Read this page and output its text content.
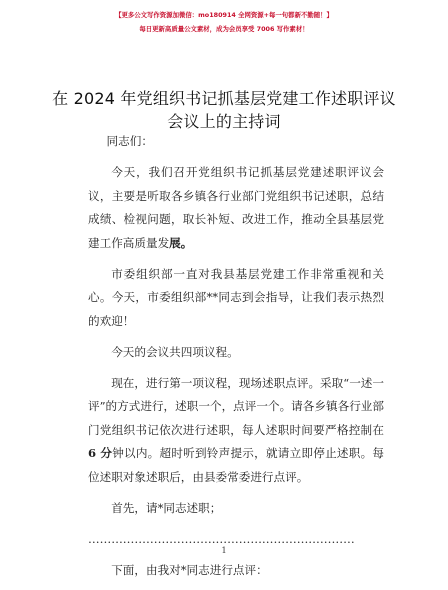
【更多公文写作资源加微信：mo180914 全网资源+每一句都新不勤随！】
每日更新高质量公文素材，成为会员享受 7006 写作素材！
在 2024 年党组织书记抓基层党建工作述职评议
会议上的主持词

同志们：

今天，我们召开党组织书记抓基层党建述职评议会议，主要是听取各乡镇各行业部门党组织书记述职，总结成绩、检视问题，取长补短、改进工作，推动全县基层党建工作高质量发展。

市委组织部一直对我县基层党建工作非常重视和关心。今天，市委组织部**同志到会指导，让我们表示热烈的欢迎！

今天的会议共四项议程。

现在，进行第一项议程，现场述职点评。采取“一述一评”的方式进行，述职一个，点评一个。请各乡镇各行业部门党组织书记依次进行述职，每人述职时间要严格控制在6 分钟以内。超时听到铃声提示，就请立即停止述职。每位述职对象述职后，由县委常委进行点评。

首先，请*同志述职；

……………………………………………………………

下面，由我对*同志进行点评：

1
